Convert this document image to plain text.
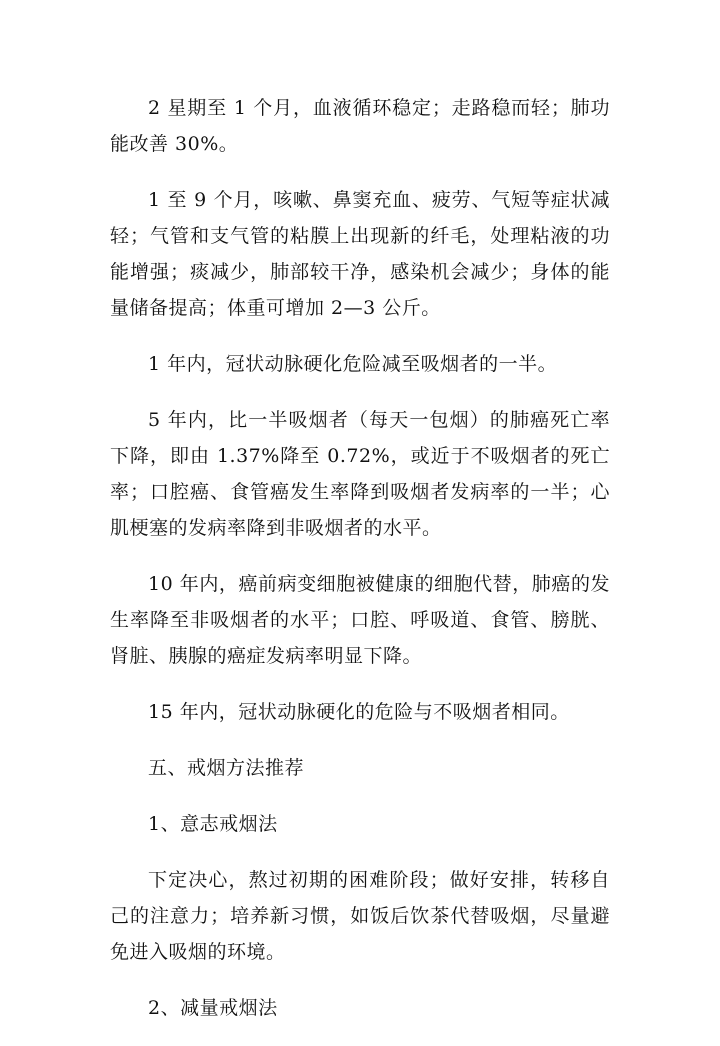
2 星期至 1 个月，血液循环稳定；走路稳而轻；肺功能改善 30%。

1 至 9 个月，咳嗽、鼻窦充血、疲劳、气短等症状减轻；气管和支气管的粘膜上出现新的纤毛，处理粘液的功能增强；痰减少，肺部较干净，感染机会减少；身体的能量储备提高；体重可增加 2—3 公斤。

1 年内，冠状动脉硬化危险减至吸烟者的一半。

5 年内，比一半吸烟者（每天一包烟）的肺癌死亡率下降，即由 1.37%降至 0.72%，或近于不吸烟者的死亡率；口腔癌、食管癌发生率降到吸烟者发病率的一半；心肌梗塞的发病率降到非吸烟者的水平。

10 年内，癌前病变细胞被健康的细胞代替，肺癌的发生率降至非吸烟者的水平；口腔、呼吸道、食管、膀胱、肾脏、胰腺的癌症发病率明显下降。

15 年内，冠状动脉硬化的危险与不吸烟者相同。

五、戒烟方法推荐

1、意志戒烟法

下定决心，熬过初期的困难阶段；做好安排，转移自己的注意力；培养新习惯，如饭后饮茶代替吸烟，尽量避免进入吸烟的环境。

2、减量戒烟法
